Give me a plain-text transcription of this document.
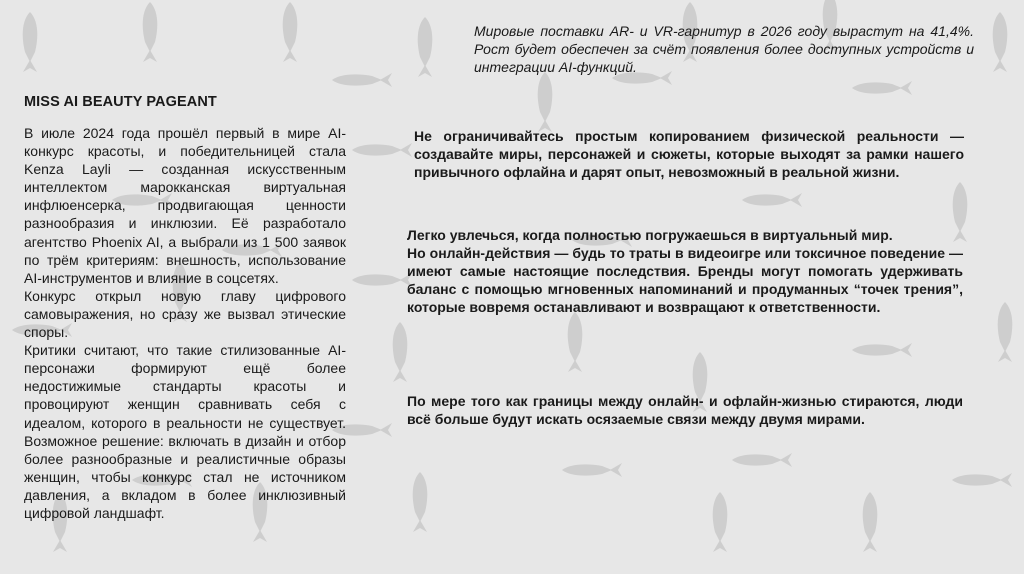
Мировые поставки AR- и VR-гарнитур в 2026 году вырастут на 41,4%. Рост будет обеспечен за счёт появления более доступных устройств и интеграции AI-функций.
MISS AI BEAUTY PAGEANT

В июле 2024 года прошёл первый в мире AI-конкурс красоты, и победительницей стала Kenza Layli — созданная искусственным интеллектом марокканская виртуальная инфлюенсерка, продвигающая ценности разнообразия и инклюзии. Её разработало агентство Phoenix AI, а выбрали из 1 500 заявок по трём критериям: внешность, использование AI-инструментов и влияние в соцсетях.

Конкурс открыл новую главу цифрового самовыражения, но сразу же вызвал этические споры.

Критики считают, что такие стилизованные AI-персонажи формируют ещё более недостижимые стандарты красоты и провоцируют женщин сравнивать себя с идеалом, которого в реальности не существует. Возможное решение: включать в дизайн и отбор более разнообразные и реалистичные образы женщин, чтобы конкурс стал не источником давления, а вкладом в более инклюзивный цифровой ландшафт.

Не ограничивайтесь простым копированием физической реальности — создавайте миры, персонажей и сюжеты, которые выходят за рамки нашего привычного офлайна и дарят опыт, невозможный в реальной жизни.
Легко увлечься, когда полностью погружаешься в виртуальный мир.
Но онлайн-действия — будь то траты в видеоигре или токсичное поведение — имеют самые настоящие последствия. Бренды могут помогать удерживать баланс с помощью мгновенных напоминаний и продуманных “точек трения”, которые вовремя останавливают и возвращают к ответственности.
По мере того как границы между онлайн- и офлайн-жизнью стираются, люди всё больше будут искать осязаемые связи между двумя мирами.
